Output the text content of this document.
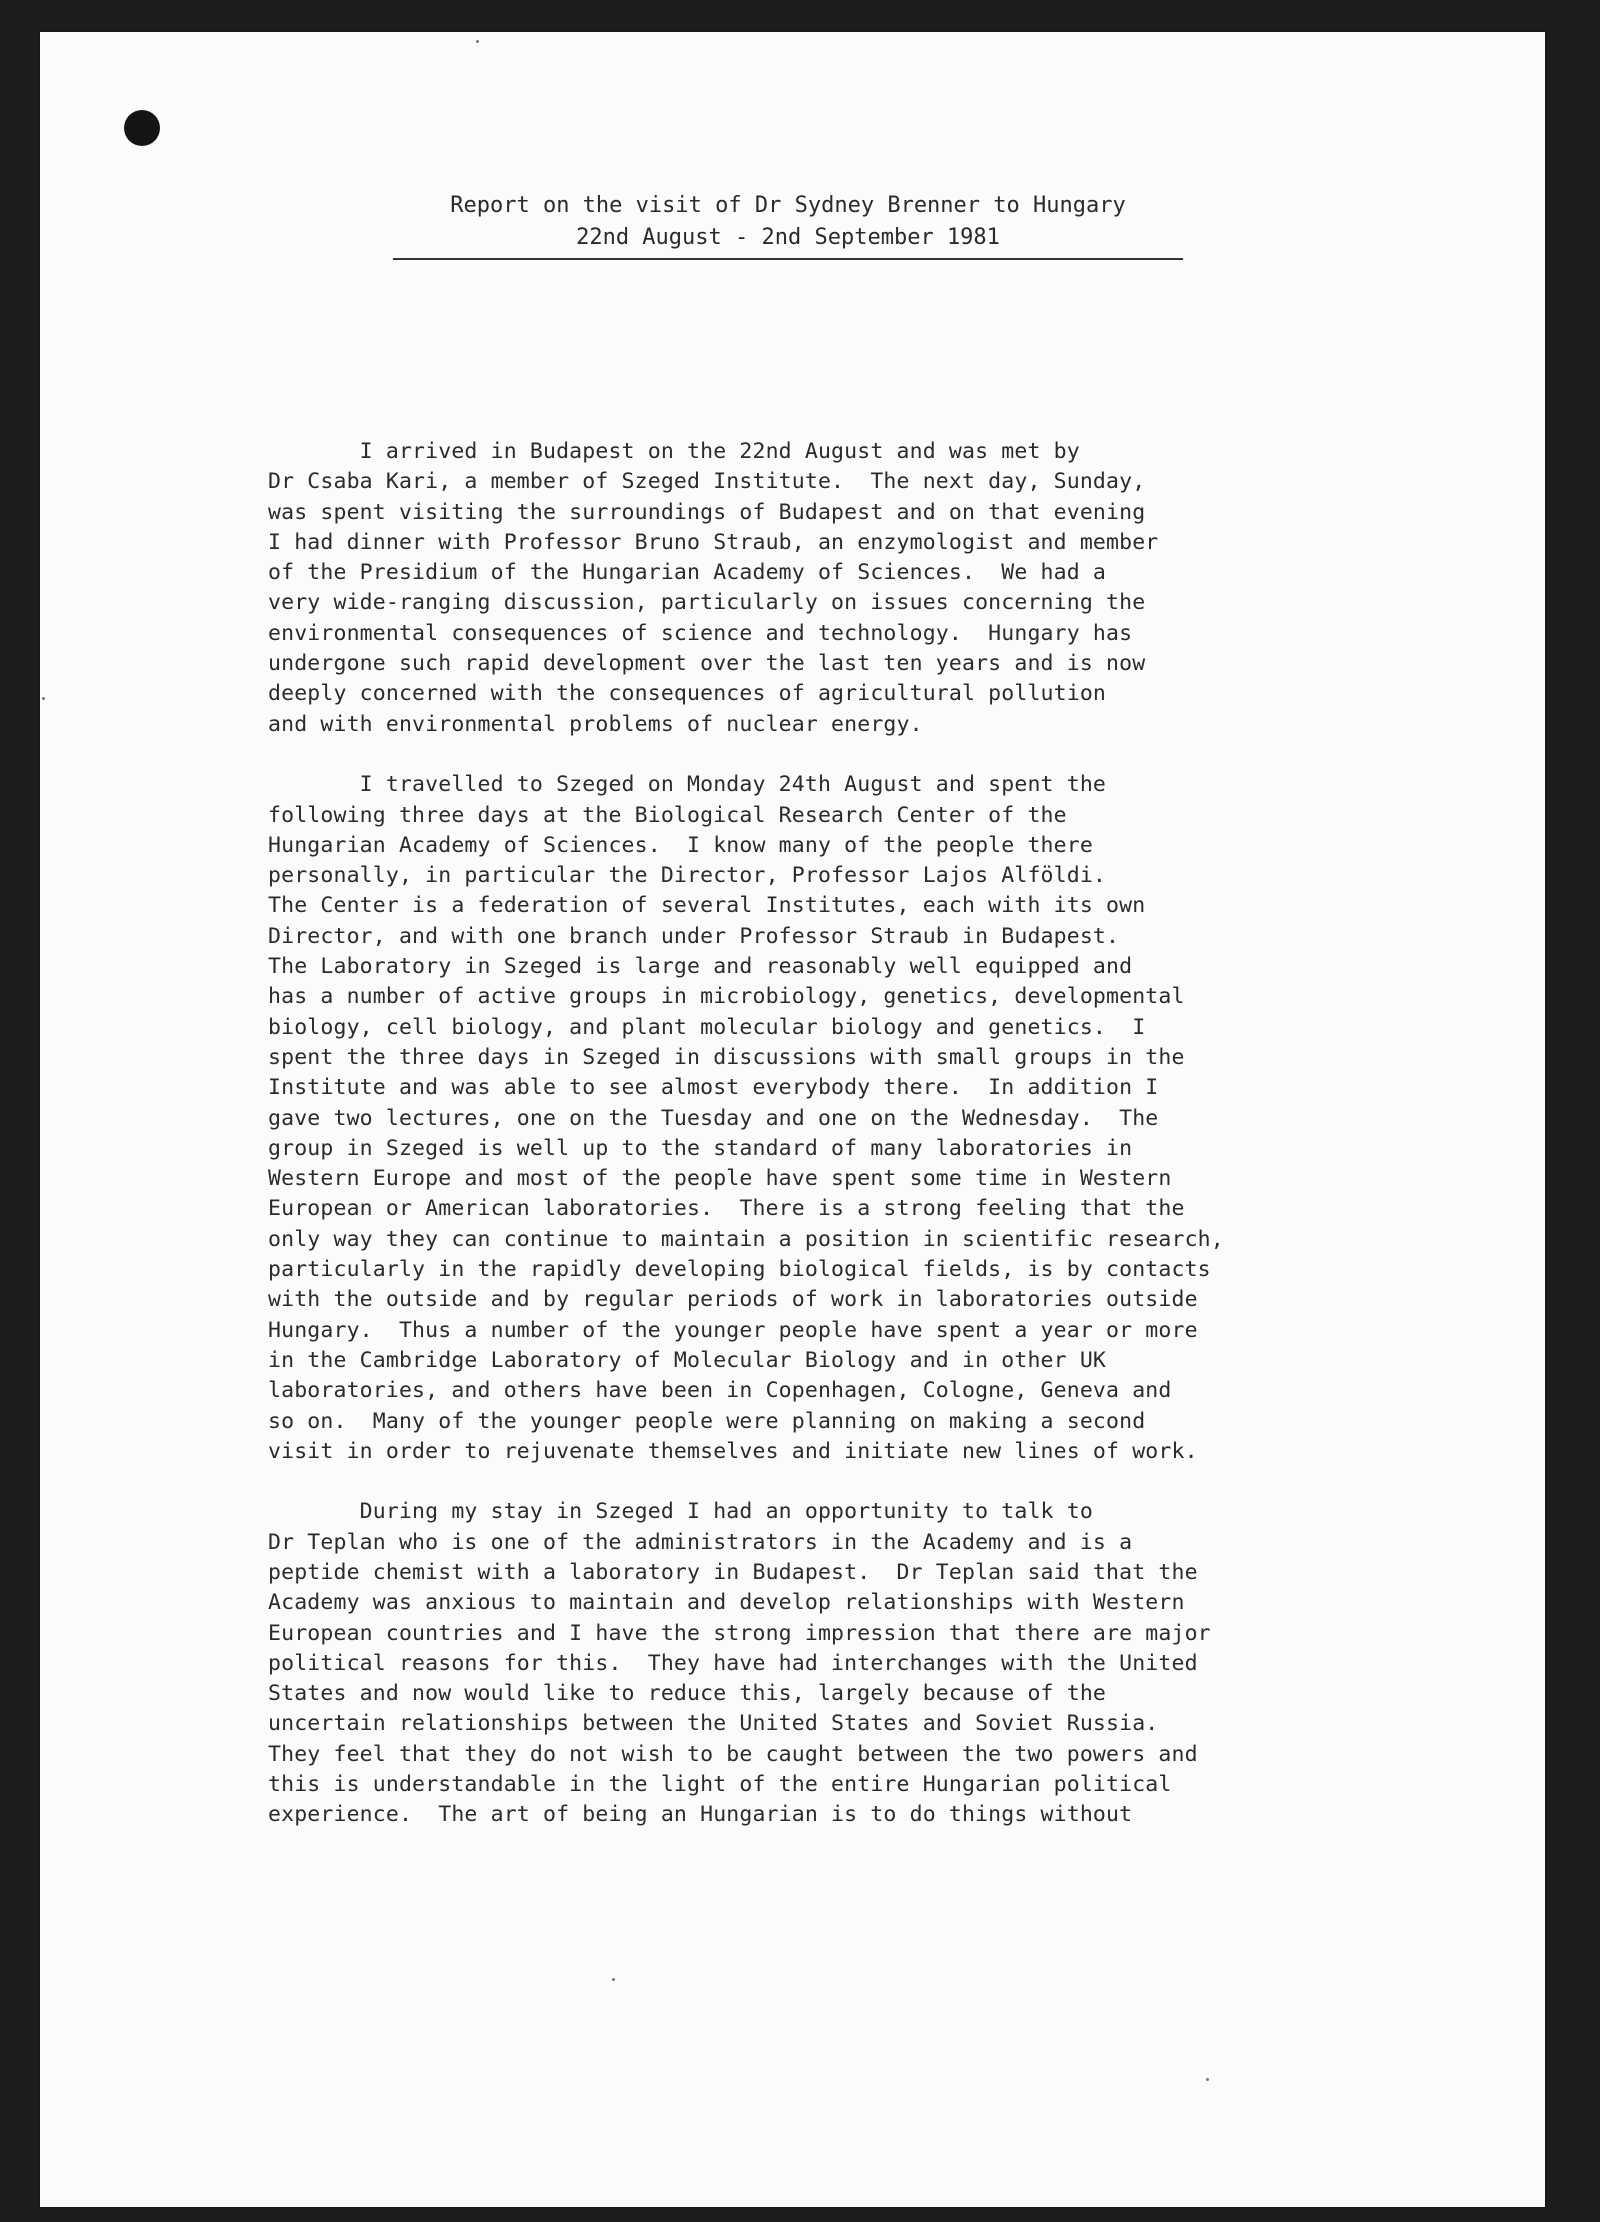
Report on the visit of Dr Sydney Brenner to Hungary
22nd August - 2nd September 1981
I arrived in Budapest on the 22nd August and was met by
Dr Csaba Kari, a member of Szeged Institute.  The next day, Sunday,
was spent visiting the surroundings of Budapest and on that evening
I had dinner with Professor Bruno Straub, an enzymologist and member
of the Presidium of the Hungarian Academy of Sciences.  We had a
very wide-ranging discussion, particularly on issues concerning the
environmental consequences of science and technology.  Hungary has
undergone such rapid development over the last ten years and is now
deeply concerned with the consequences of agricultural pollution
and with environmental problems of nuclear energy.
I travelled to Szeged on Monday 24th August and spent the
following three days at the Biological Research Center of the
Hungarian Academy of Sciences.  I know many of the people there
personally, in particular the Director, Professor Lajos Alföldi.
The Center is a federation of several Institutes, each with its own
Director, and with one branch under Professor Straub in Budapest.
The Laboratory in Szeged is large and reasonably well equipped and
has a number of active groups in microbiology, genetics, developmental
biology, cell biology, and plant molecular biology and genetics.  I
spent the three days in Szeged in discussions with small groups in the
Institute and was able to see almost everybody there.  In addition I
gave two lectures, one on the Tuesday and one on the Wednesday.  The
group in Szeged is well up to the standard of many laboratories in
Western Europe and most of the people have spent some time in Western
European or American laboratories.  There is a strong feeling that the
only way they can continue to maintain a position in scientific research,
particularly in the rapidly developing biological fields, is by contacts
with the outside and by regular periods of work in laboratories outside
Hungary.  Thus a number of the younger people have spent a year or more
in the Cambridge Laboratory of Molecular Biology and in other UK
laboratories, and others have been in Copenhagen, Cologne, Geneva and
so on.  Many of the younger people were planning on making a second
visit in order to rejuvenate themselves and initiate new lines of work.
During my stay in Szeged I had an opportunity to talk to
Dr Teplan who is one of the administrators in the Academy and is a
peptide chemist with a laboratory in Budapest.  Dr Teplan said that the
Academy was anxious to maintain and develop relationships with Western
European countries and I have the strong impression that there are major
political reasons for this.  They have had interchanges with the United
States and now would like to reduce this, largely because of the
uncertain relationships between the United States and Soviet Russia.
They feel that they do not wish to be caught between the two powers and
this is understandable in the light of the entire Hungarian political
experience.  The art of being an Hungarian is to do things without
